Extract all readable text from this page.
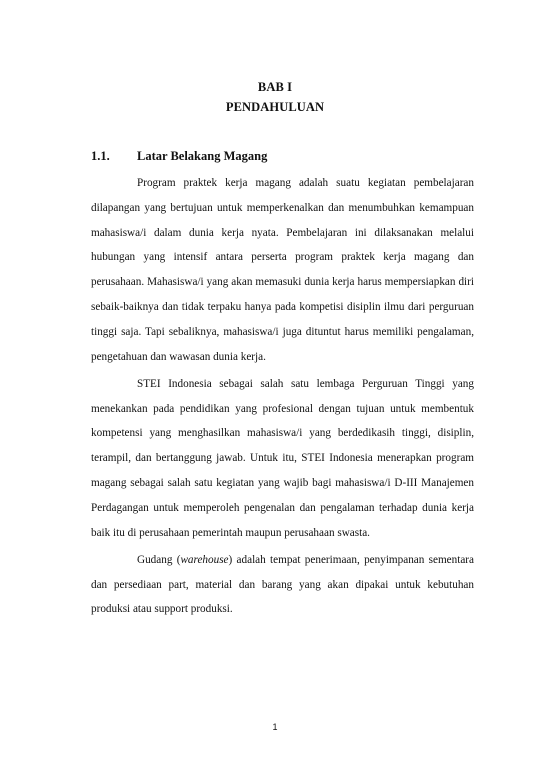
BAB I
PENDAHULUAN
1.1. Latar Belakang Magang

Program praktek kerja magang adalah suatu kegiatan pembelajaran dilapangan yang bertujuan untuk memperkenalkan dan menumbuhkan kemampuan mahasiswa/i dalam dunia kerja nyata. Pembelajaran ini dilaksanakan melalui hubungan yang intensif antara perserta program praktek kerja magang dan perusahaan. Mahasiswa/i yang akan memasuki dunia kerja harus mempersiapkan diri sebaik-baiknya dan tidak terpaku hanya pada kompetisi disiplin ilmu dari perguruan tinggi saja. Tapi sebaliknya, mahasiswa/i juga dituntut harus memiliki pengalaman, pengetahuan dan wawasan dunia kerja.

STEI Indonesia sebagai salah satu lembaga Perguruan Tinggi yang menekankan pada pendidikan yang profesional dengan tujuan untuk membentuk kompetensi yang menghasilkan mahasiswa/i yang berdedikasih tinggi, disiplin, terampil, dan bertanggung jawab. Untuk itu, STEI Indonesia menerapkan program magang sebagai salah satu kegiatan yang wajib bagi mahasiswa/i D-III Manajemen Perdagangan untuk memperoleh pengenalan dan pengalaman terhadap dunia kerja baik itu di perusahaan pemerintah maupun perusahaan swasta.

Gudang (warehouse) adalah tempat penerimaan, penyimpanan sementara dan persediaan part, material dan barang yang akan dipakai untuk kebutuhan produksi atau support produksi.

1
